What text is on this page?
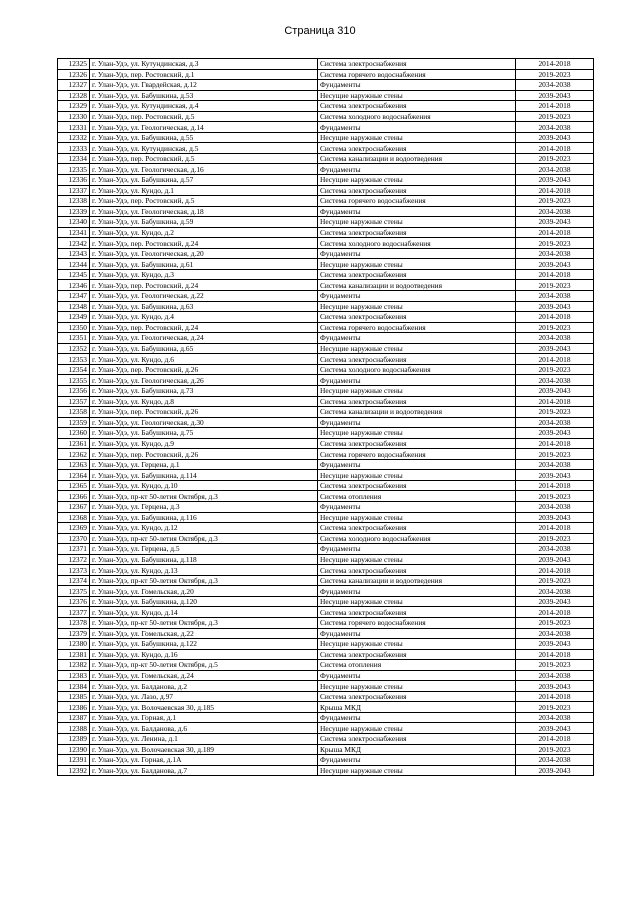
Страница 310
12325	г. Улан-Удэ, ул. Кутундинская, д.3	Система электроснабжения	2014-2018
12326	г. Улан-Удэ, пер. Ростовский, д.1	Система горячего водоснабжения	2019-2023
12327	г. Улан-Удэ, ул. Гвардейская, д.12	Фундаменты	2034-2038
12328	г. Улан-Удэ, ул. Бабушкина, д.53	Несущие наружные стены	2039-2043
12329	г. Улан-Удэ, ул. Кутундинская, д.4	Система электроснабжения	2014-2018
12330	г. Улан-Удэ, пер. Ростовский, д.5	Система холодного водоснабжения	2019-2023
12331	г. Улан-Удэ, ул. Геологическая, д.14	Фундаменты	2034-2038
12332	г. Улан-Удэ, ул. Бабушкина, д.55	Несущие наружные стены	2039-2043
12333	г. Улан-Удэ, ул. Кутундинская, д.5	Система электроснабжения	2014-2018
12334	г. Улан-Удэ, пер. Ростовский, д.5	Система канализации и водоотведения	2019-2023
12335	г. Улан-Удэ, ул. Геологическая, д.16	Фундаменты	2034-2038
12336	г. Улан-Удэ, ул. Бабушкина, д.57	Несущие наружные стены	2039-2043
12337	г. Улан-Удэ, ул. Кундо, д.1	Система электроснабжения	2014-2018
12338	г. Улан-Удэ, пер. Ростовский, д.5	Система горячего водоснабжения	2019-2023
12339	г. Улан-Удэ, ул. Геологическая, д.18	Фундаменты	2034-2038
12340	г. Улан-Удэ, ул. Бабушкина, д.59	Несущие наружные стены	2039-2043
12341	г. Улан-Удэ, ул. Кундо, д.2	Система электроснабжения	2014-2018
12342	г. Улан-Удэ, пер. Ростовский, д.24	Система холодного водоснабжения	2019-2023
12343	г. Улан-Удэ, ул. Геологическая, д.20	Фундаменты	2034-2038
12344	г. Улан-Удэ, ул. Бабушкина, д.61	Несущие наружные стены	2039-2043
12345	г. Улан-Удэ, ул. Кундо, д.3	Система электроснабжения	2014-2018
12346	г. Улан-Удэ, пер. Ростовский, д.24	Система канализации и водоотведения	2019-2023
12347	г. Улан-Удэ, ул. Геологическая, д.22	Фундаменты	2034-2038
12348	г. Улан-Удэ, ул. Бабушкина, д.63	Несущие наружные стены	2039-2043
12349	г. Улан-Удэ, ул. Кундо, д.4	Система электроснабжения	2014-2018
12350	г. Улан-Удэ, пер. Ростовский, д.24	Система горячего водоснабжения	2019-2023
12351	г. Улан-Удэ, ул. Геологическая, д.24	Фундаменты	2034-2038
12352	г. Улан-Удэ, ул. Бабушкина, д.65	Несущие наружные стены	2039-2043
12353	г. Улан-Удэ, ул. Кундо, д.6	Система электроснабжения	2014-2018
12354	г. Улан-Удэ, пер. Ростовский, д.26	Система холодного водоснабжения	2019-2023
12355	г. Улан-Удэ, ул. Геологическая, д.26	Фундаменты	2034-2038
12356	г. Улан-Удэ, ул. Бабушкина, д.73	Несущие наружные стены	2039-2043
12357	г. Улан-Удэ, ул. Кундо, д.8	Система электроснабжения	2014-2018
12358	г. Улан-Удэ, пер. Ростовский, д.26	Система канализации и водоотведения	2019-2023
12359	г. Улан-Удэ, ул. Геологическая, д.30	Фундаменты	2034-2038
12360	г. Улан-Удэ, ул. Бабушкина, д.75	Несущие наружные стены	2039-2043
12361	г. Улан-Удэ, ул. Кундо, д.9	Система электроснабжения	2014-2018
12362	г. Улан-Удэ, пер. Ростовский, д.26	Система горячего водоснабжения	2019-2023
12363	г. Улан-Удэ, ул. Герцена, д.1	Фундаменты	2034-2038
12364	г. Улан-Удэ, ул. Бабушкина, д.114	Несущие наружные стены	2039-2043
12365	г. Улан-Удэ, ул. Кундо, д.10	Система электроснабжения	2014-2018
12366	г. Улан-Удэ, пр-кт 50-летия Октября, д.3	Система отопления	2019-2023
12367	г. Улан-Удэ, ул. Герцена, д.3	Фундаменты	2034-2038
12368	г. Улан-Удэ, ул. Бабушкина, д.116	Несущие наружные стены	2039-2043
12369	г. Улан-Удэ, ул. Кундо, д.12	Система электроснабжения	2014-2018
12370	г. Улан-Удэ, пр-кт 50-летия Октября, д.3	Система холодного водоснабжения	2019-2023
12371	г. Улан-Удэ, ул. Герцена, д.5	Фундаменты	2034-2038
12372	г. Улан-Удэ, ул. Бабушкина, д.118	Несущие наружные стены	2039-2043
12373	г. Улан-Удэ, ул. Кундо, д.13	Система электроснабжения	2014-2018
12374	г. Улан-Удэ, пр-кт 50-летия Октября, д.3	Система канализации и водоотведения	2019-2023
12375	г. Улан-Удэ, ул. Гомельская, д.20	Фундаменты	2034-2038
12376	г. Улан-Удэ, ул. Бабушкина, д.120	Несущие наружные стены	2039-2043
12377	г. Улан-Удэ, ул. Кундо, д.14	Система электроснабжения	2014-2018
12378	г. Улан-Удэ, пр-кт 50-летия Октября, д.3	Система горячего водоснабжения	2019-2023
12379	г. Улан-Удэ, ул. Гомельская, д.22	Фундаменты	2034-2038
12380	г. Улан-Удэ, ул. Бабушкина, д.122	Несущие наружные стены	2039-2043
12381	г. Улан-Удэ, ул. Кундо, д.16	Система электроснабжения	2014-2018
12382	г. Улан-Удэ, пр-кт 50-летия Октября, д.5	Система отопления	2019-2023
12383	г. Улан-Удэ, ул. Гомельская, д.24	Фундаменты	2034-2038
12384	г. Улан-Удэ, ул. Балданова, д.2	Несущие наружные стены	2039-2043
12385	г. Улан-Удэ, ул. Лазо, д.97	Система электроснабжения	2014-2018
12386	г. Улан-Удэ, ул. Волочаевская 30, д.185	Крыша МКД	2019-2023
12387	г. Улан-Удэ, ул. Горная, д.1	Фундаменты	2034-2038
12388	г. Улан-Удэ, ул. Балданова, д.6	Несущие наружные стены	2039-2043
12389	г. Улан-Удэ, ул. Ленина, д.1	Система электроснабжения	2014-2018
12390	г. Улан-Удэ, ул. Волочаевская 30, д.189	Крыша МКД	2019-2023
12391	г. Улан-Удэ, ул. Горная, д.1А	Фундаменты	2034-2038
12392	г. Улан-Удэ, ул. Балданова, д.7	Несущие наружные стены	2039-2043
